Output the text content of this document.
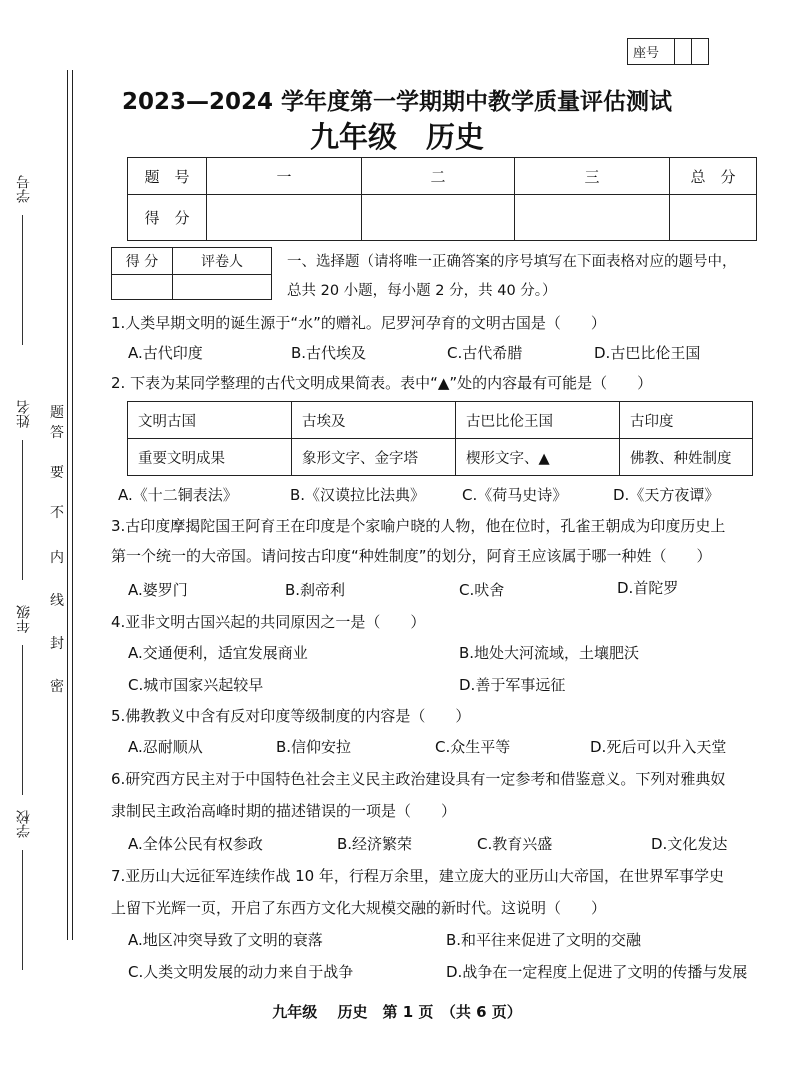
学号
姓名
年级
学校
题
答
要
不
内
线
封
密
座号		
2023—2024 学年度第一学期期中教学质量评估测试
九年级　历史
题　号	一	二	三	总　分
得　分				
得 分	评卷人
		一、选择题（请将唯一正确答案的序号填写在下面表格对应的题号中，
总共 20 小题，每小题 2 分，共 40 分。）
1.人类早期文明的诞生源于“水”的赠礼。尼罗河孕育的文明古国是（　　）
A.古代印度	B.古代埃及	C.古代希腊	D.古巴比伦王国
2. 下表为某同学整理的古代文明成果简表。表中“▲”处的内容最有可能是（　　）
文明古国	古埃及	古巴比伦王国	古印度
重要文明成果	象形文字、金字塔	楔形文字、▲	佛教、种姓制度
A.《十二铜表法》	B.《汉谟拉比法典》 C.《荷马史诗》	D.《天方夜谭》
3.古印度摩揭陀国王阿育王在印度是个家喻户晓的人物，他在位时，孔雀王朝成为印度历史上
第一个统一的大帝国。请问按古印度“种姓制度”的划分，阿育王应该属于哪一种姓（　　）
A.婆罗门	B.刹帝利	C.吠舍	D.首陀罗
4.亚非文明古国兴起的共同原因之一是（　　）
A.交通便利，适宜发展商业	B.地处大河流域，土壤肥沃
C.城市国家兴起较早	D.善于军事远征
5.佛教教义中含有反对印度等级制度的内容是（　　）
A.忍耐顺从	B.信仰安拉	C.众生平等	D.死后可以升入天堂
6.研究西方民主对于中国特色社会主义民主政治建设具有一定参考和借鉴意义。下列对雅典奴
隶制民主政治高峰时期的描述错误的一项是（　　）
A.全体公民有权参政	B.经济繁荣	C.教育兴盛	D.文化发达
7.亚历山大远征军连续作战 10 年，行程万余里，建立庞大的亚历山大帝国，在世界军事学史
上留下光辉一页，开启了东西方文化大规模交融的新时代。这说明（　　）
A.地区冲突导致了文明的衰落	B.和平往来促进了文明的交融
C.人类文明发展的动力来自于战争	D.战争在一定程度上促进了文明的传播与发展
九年级　 历史　第 1 页　（共 6 页）
